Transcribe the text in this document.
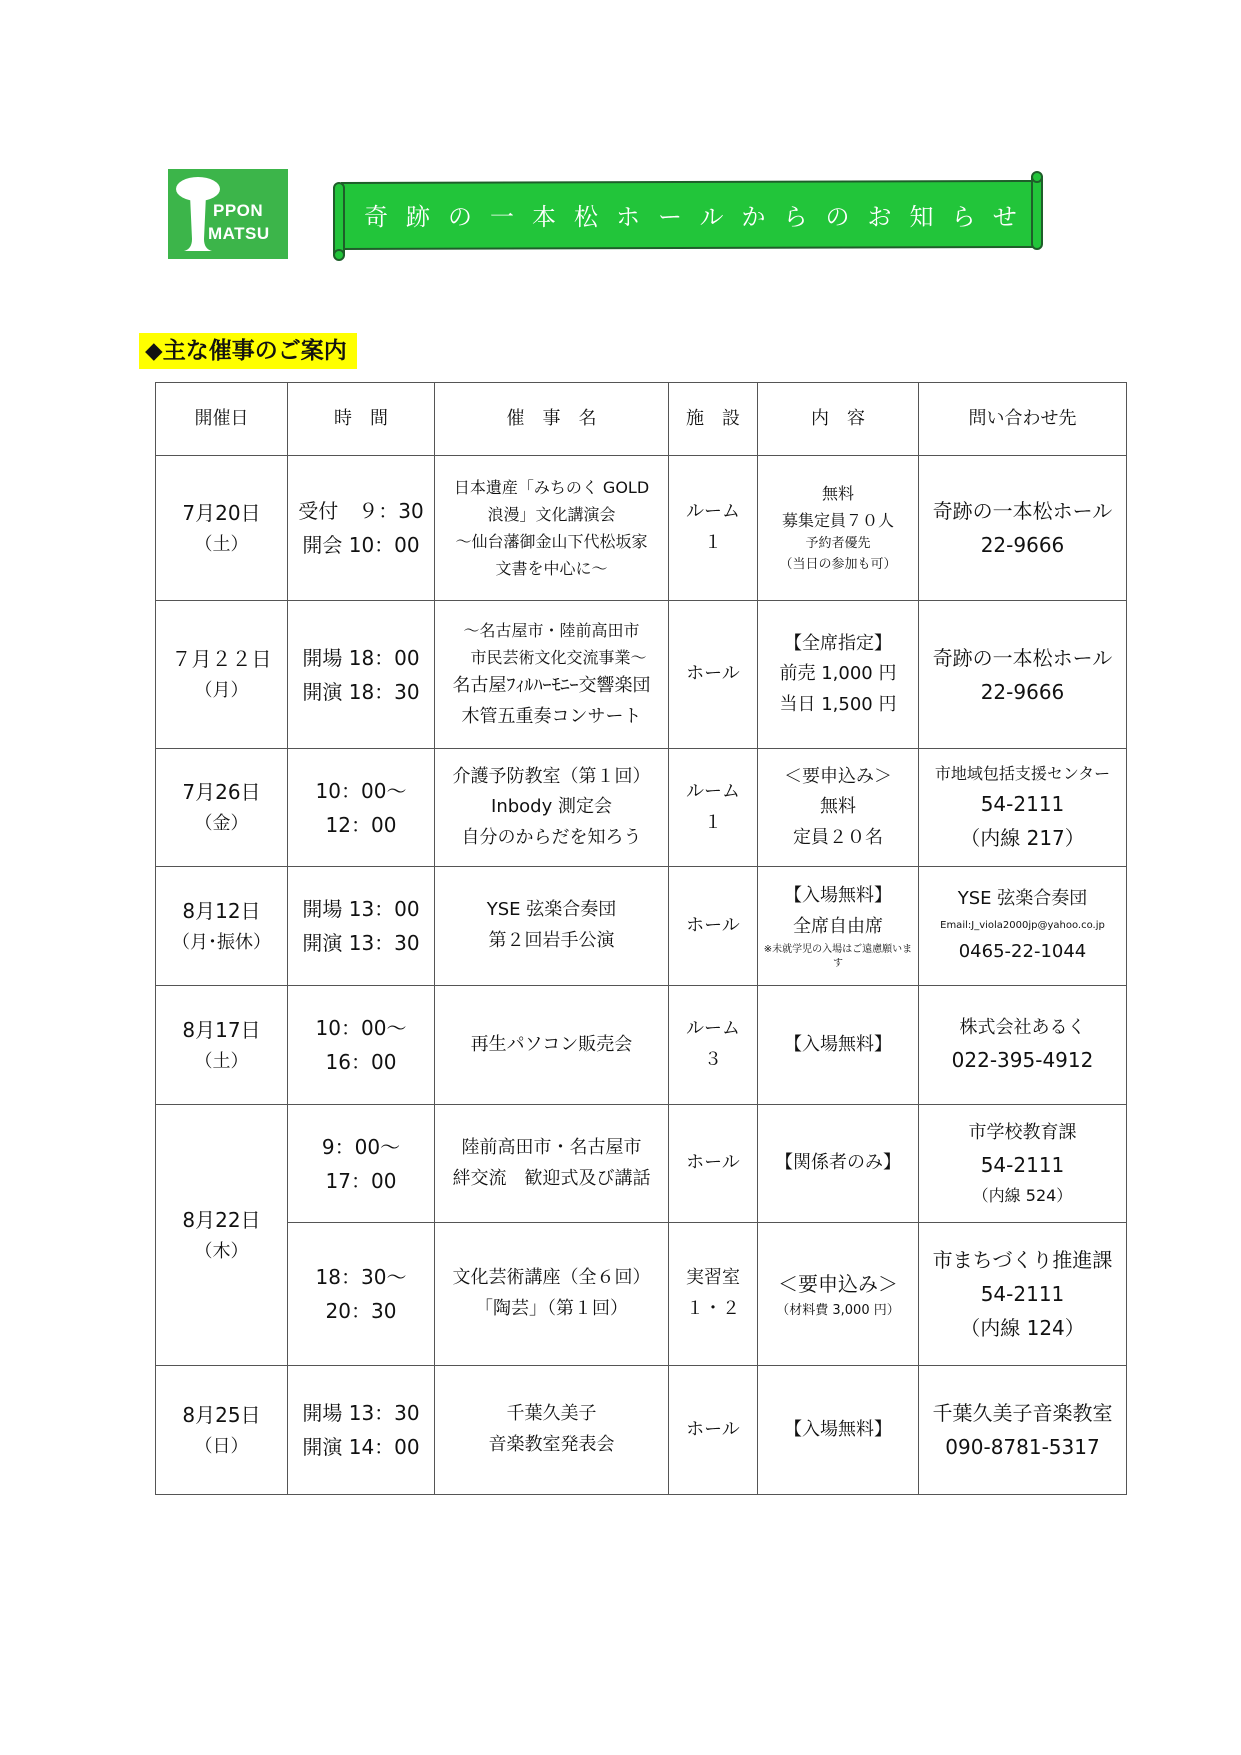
PPON
MATSU
奇跡の一本松ホールからのお知らせ
◆主な催事のご案内
開催日	時　間	催　事　名	施　設	内　容	問い合わせ先

7月20日
（土）	受付　９：30
開会 10：00	日本遺産「みちのく GOLD
浪漫」文化講演会
～仙台藩御金山下代松坂家
文書を中心に～	ルーム
１	無料
募集定員７０人
予約者優先
（当日の参加も可）	奇跡の一本松ホール
22-9666

７月２２日
（月）	開場 18：00
開演 18：30	～名古屋市・陸前高田市
市民芸術文化交流事業～
名古屋ﾌｨﾙﾊｰﾓﾆｰ交響楽団
木管五重奏コンサート	ホール	【全席指定】
前売 1,000 円
当日 1,500 円	奇跡の一本松ホール
22-9666

7月26日
（金）	10：00～
12：00	介護予防教室（第１回）
Inbody 測定会
自分のからだを知ろう	ルーム
１	＜要申込み＞
無料
定員２０名	市地域包括支援センター
54-2111
（内線 217）

8月12日
（月･振休）	開場 13：00
開演 13：30	YSE 弦楽合奏団
第２回岩手公演	ホール	【入場無料】
全席自由席
※未就学児の入場はご遠慮願います	YSE 弦楽合奏団
Email:J_viola2000jp@yahoo.co.jp
0465-22-1044

8月17日
（土）	10：00～
16：00	再生パソコン販売会	ルーム
３	【入場無料】	株式会社あるく
022-395-4912

8月22日
（木）	9：00～
17：00	陸前高田市・名古屋市
絆交流　歓迎式及び講話	ホール	【関係者のみ】	市学校教育課
54-2111
（内線 524）

	18：30～
20：30	文化芸術講座（全６回）
「陶芸」（第１回）	実習室
１・２	＜要申込み＞
（材料費 3,000 円）	市まちづくり推進課
54-2111
（内線 124）

8月25日
（日）	開場 13：30
開演 14：00	千葉久美子
音楽教室発表会	ホール	【入場無料】	千葉久美子音楽教室
090-8781-5317
